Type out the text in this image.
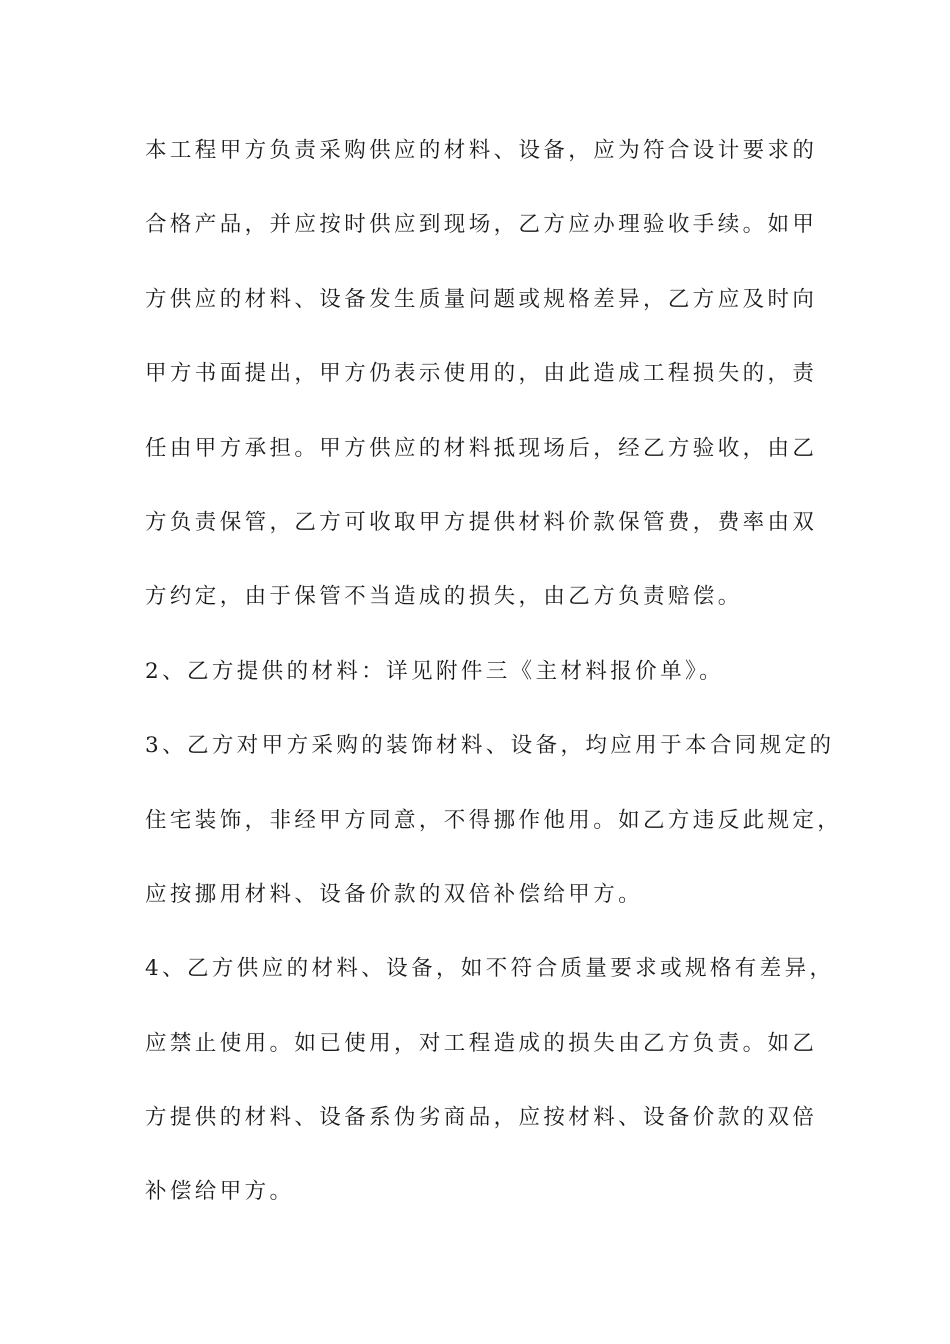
本工程甲方负责采购供应的材料、设备，应为符合设计要求的
合格产品，并应按时供应到现场，乙方应办理验收手续。如甲
方供应的材料、设备发生质量问题或规格差异，乙方应及时向
甲方书面提出，甲方仍表示使用的，由此造成工程损失的，责
任由甲方承担。甲方供应的材料抵现场后，经乙方验收，由乙
方负责保管，乙方可收取甲方提供材料价款保管费，费率由双
方约定，由于保管不当造成的损失，由乙方负责赔偿。
2、乙方提供的材料：详见附件三《主材料报价单》。
3、乙方对甲方采购的装饰材料、设备，均应用于本合同规定的
住宅装饰，非经甲方同意，不得挪作他用。如乙方违反此规定，
应按挪用材料、设备价款的双倍补偿给甲方。
4、乙方供应的材料、设备，如不符合质量要求或规格有差异，
应禁止使用。如已使用，对工程造成的损失由乙方负责。如乙
方提供的材料、设备系伪劣商品，应按材料、设备价款的双倍
补偿给甲方。
